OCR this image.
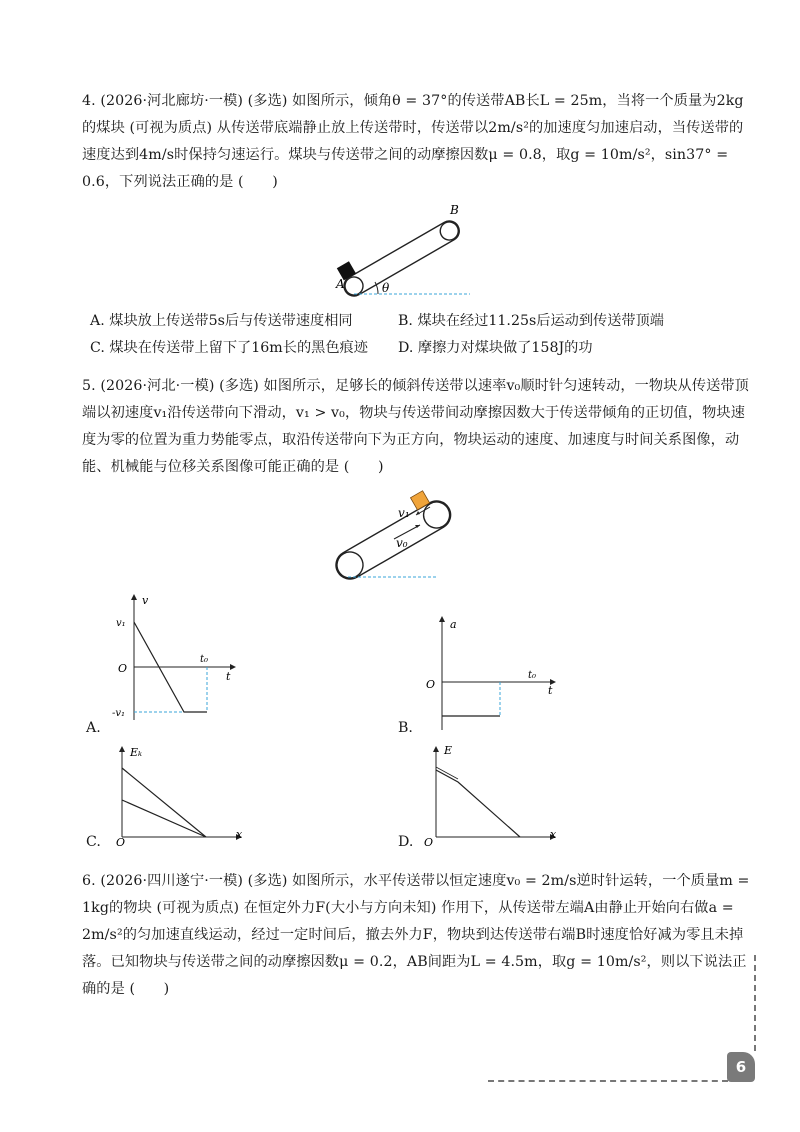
4. (2026·河北廊坊·一模) (多选) 如图所示，倾角θ = 37°的传送带AB长L = 25m，当将一个质量为2kg的煤块 (可视为质点) 从传送带底端静止放上传送带时，传送带以2m/s²的加速度匀加速启动，当传送带的速度达到4m/s时保持匀速运行。煤块与传送带之间的动摩擦因数μ = 0.8，取g = 10m/s²，sin37° = 0.6，下列说法正确的是 (　　)
A
B
θ
A. 煤块放上传送带5s后与传送带速度相同	B. 煤块在经过11.25s后运动到传送带顶端
C. 煤块在传送带上留下了16m长的黑色痕迹 D. 摩擦力对煤块做了158J的功
5. (2026·河北·一模) (多选) 如图所示，足够长的倾斜传送带以速率v₀顺时针匀速转动，一物块从传送带顶端以初速度v₁沿传送带向下滑动，v₁ > v₀，物块与传送带间动摩擦因数大于传送带倾角的正切值，物块速度为零的位置为重力势能零点，取沿传送带向下为正方向，物块运动的速度、加速度与时间关系图像，动能、机械能与位移关系图像可能正确的是 (　　)
v₁
v₀
v
t
O
v₁
-v₁
t₀
A.
a
t
O
t₀
B.
Eₖ
x
O
C.
E
x
O
D.
6. (2026·四川遂宁·一模) (多选) 如图所示，水平传送带以恒定速度v₀ = 2m/s逆时针运转，一个质量m = 1kg的物块 (可视为质点) 在恒定外力F(大小与方向未知) 作用下，从传送带左端A由静止开始向右做a = 2m/s²的匀加速直线运动，经过一定时间后，撤去外力F，物块到达传送带右端B时速度恰好减为零且未掉落。已知物块与传送带之间的动摩擦因数μ = 0.2，AB间距为L = 4.5m，取g = 10m/s²，则以下说法正确的是 (　　)
6
